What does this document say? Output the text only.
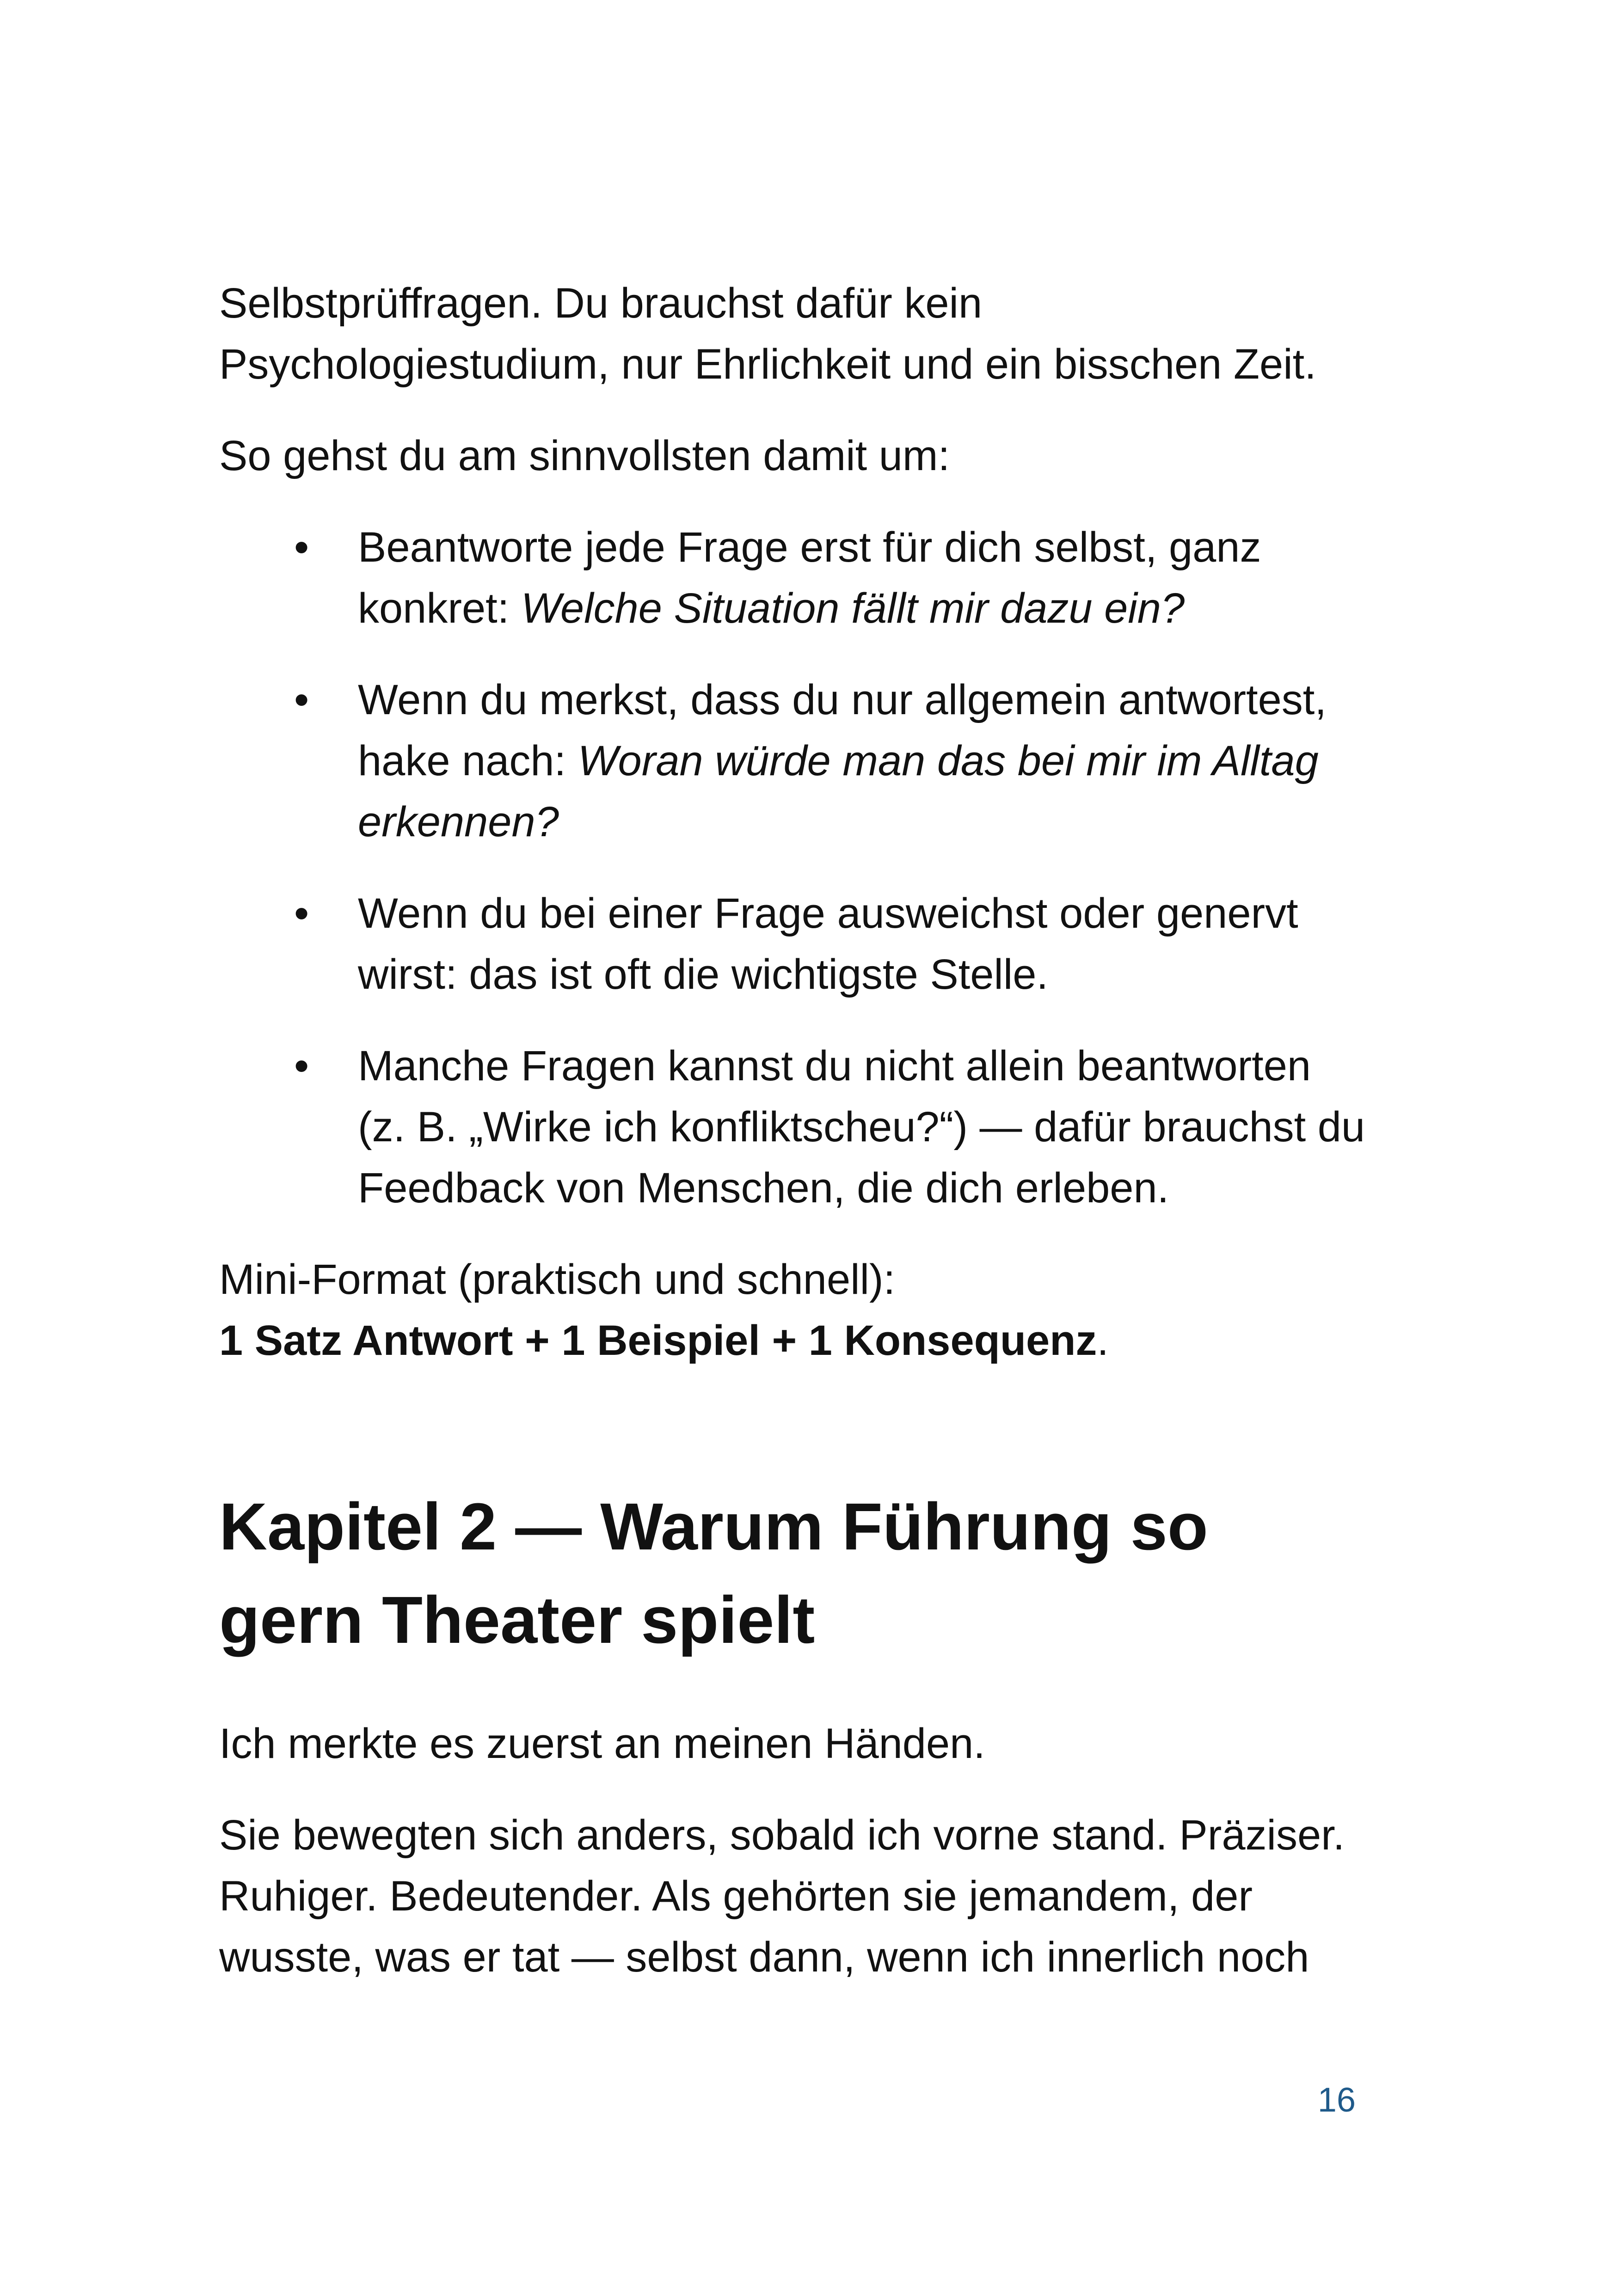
Selbstprüffragen. Du brauchst dafür kein Psychologiestudium, nur Ehrlichkeit und ein bisschen Zeit.

So gehst du am sinnvollsten damit um:

• Beantworte jede Frage erst für dich selbst, ganz konkret: Welche Situation fällt mir dazu ein?
• Wenn du merkst, dass du nur allgemein antwortest, hake nach: Woran würde man das bei mir im Alltag erkennen?
• Wenn du bei einer Frage ausweichst oder genervt wirst: das ist oft die wichtigste Stelle.
• Manche Fragen kannst du nicht allein beantworten (z. B. „Wirke ich konfliktscheu?“) — dafür brauchst du Feedback von Menschen, die dich erleben.
Mini-Format (praktisch und schnell):
1 Satz Antwort + 1 Beispiel + 1 Konsequenz.
Kapitel 2 — Warum Führung so gern Theater spielt

Ich merkte es zuerst an meinen Händen.

Sie bewegten sich anders, sobald ich vorne stand. Präziser. Ruhiger. Bedeutender. Als gehörten sie jemandem, der wusste, was er tat — selbst dann, wenn ich innerlich noch

16
